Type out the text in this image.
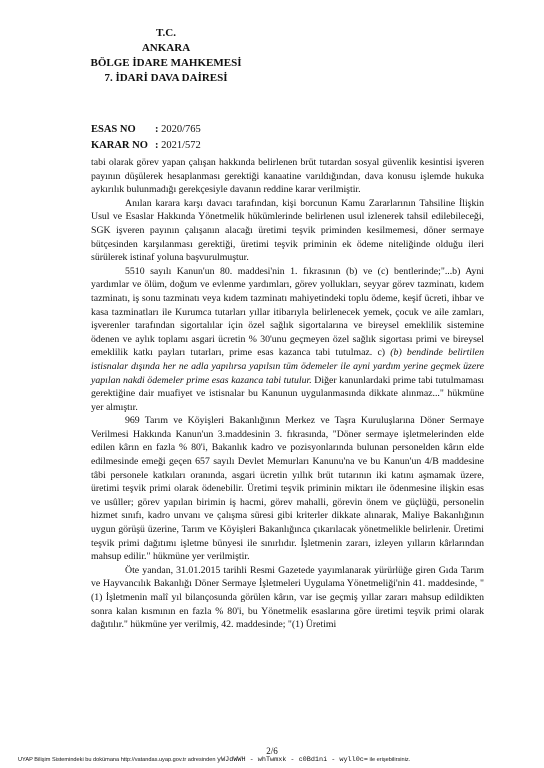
T.C.
ANKARA
BÖLGE İDARE MAHKEMESİ
7. İDARİ DAVA DAİRESİ
ESAS NO : 2020/765
KARAR NO : 2021/572

tabi olarak görev yapan çalışan hakkında belirlenen brüt tutardan sosyal güvenlik kesintisi işveren payının düşülerek hesaplanması gerektiği kanaatine varıldığından, dava konusu işlemde hukuka aykırılık bulunmadığı gerekçesiyle davanın reddine karar verilmiştir.

Anılan karara karşı davacı tarafından, kişi borcunun Kamu Zararlarının Tahsiline İlişkin Usul ve Esaslar Hakkında Yönetmelik hükümlerinde belirlenen usul izlenerek tahsil edilebileceği, SGK işveren payının çalışanın alacağı üretimi teşvik priminden kesilmemesi, döner sermaye bütçesinden karşılanması gerektiği, üretimi teşvik priminin ek ödeme niteliğinde olduğu ileri sürülerek istinaf yoluna başvurulmuştur.

5510 sayılı Kanun'un 80. maddesi'nin 1. fıkrasının (b) ve (c) bentlerinde;"...b) Ayni yardımlar ve ölüm, doğum ve evlenme yardımları, görev yollukları, seyyar görev tazminatı, kıdem tazminatı, iş sonu tazminatı veya kıdem tazminatı mahiyetindeki toplu ödeme, keşif ücreti, ihbar ve kasa tazminatları ile Kurumca tutarları yıllar itibarıyla belirlenecek yemek, çocuk ve aile zamları, işverenler tarafından sigortalılar için özel sağlık sigortalarına ve bireysel emeklilik sistemine ödenen ve aylık toplamı asgari ücretin % 30'unu geçmeyen özel sağlık sigortası primi ve bireysel emeklilik katkı payları tutarları, prime esas kazanca tabi tutulmaz. c) (b) bendinde belirtilen istisnalar dışında her ne adla yapılırsa yapılsın tüm ödemeler ile ayni yardım yerine geçmek üzere yapılan nakdi ödemeler prime esas kazanca tabi tutulur. Diğer kanunlardaki prime tabi tutulmaması gerektiğine dair muafiyet ve istisnalar bu Kanunun uygulanmasında dikkate alınmaz..." hükmüne yer almıştır.

969 Tarım ve Köyişleri Bakanlığının Merkez ve Taşra Kuruluşlarına Döner Sermaye Verilmesi Hakkında Kanun'un 3.maddesinin 3. fıkrasında, "Döner sermaye işletmelerinden elde edilen kârın en fazla % 80'i, Bakanlık kadro ve pozisyonlarında bulunan personelden kârın elde edilmesinde emeği geçen 657 sayılı Devlet Memurları Kanunu'na ve bu Kanun'un 4/B maddesine tâbi personele katkıları oranında, asgari ücretin yıllık brüt tutarının iki katını aşmamak üzere, üretimi teşvik primi olarak ödenebilir. Üretimi teşvik priminin miktarı ile ödenmesine ilişkin esas ve usûller; görev yapılan birimin iş hacmi, görev mahalli, görevin önem ve güçlüğü, personelin hizmet sınıfı, kadro unvanı ve çalışma süresi gibi kriterler dikkate alınarak, Maliye Bakanlığının uygun görüşü üzerine, Tarım ve Köyişleri Bakanlığınca çıkarılacak yönetmelikle belirlenir. Üretimi teşvik primi dağıtımı işletme bünyesi ile sınırlıdır. İşletmenin zararı, izleyen yılların kârlarından mahsup edilir." hükmüne yer verilmiştir.

Öte yandan, 31.01.2015 tarihli Resmi Gazetede yayımlanarak yürürlüğe giren Gıda Tarım ve Hayvancılık Bakanlığı Döner Sermaye İşletmeleri Uygulama Yönetmeliği'nin 41. maddesinde, " (1) İşletmenin malî yıl bilançosunda görülen kârın, var ise geçmiş yıllar zararı mahsup edildikten sonra kalan kısmının en fazla % 80'i, bu Yönetmelik esaslarına göre üretimi teşvik primi olarak dağıtılır." hükmüne yer verilmiş, 42. maddesinde; "(1) Üretimi

2/6
UYAP Bilişim Sistemindeki bu dokümana http://vatandas.uyap.gov.tr adresinden yWJdWWH - whTwmxk - c0Bd1ni - wyll0c= ile erişebilirsiniz.
